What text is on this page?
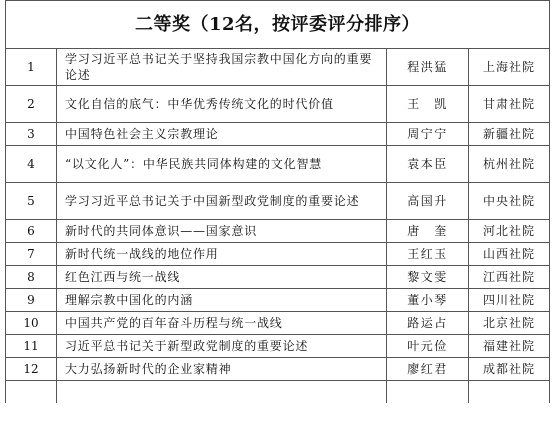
二等奖（12名，按评委评分排序）			
1	学习习近平总书记关于坚持我国宗教中国化方向的重要论述	程洪猛	上海社院
2	文化自信的底气：中华优秀传统文化的时代价值	王　凯	甘肃社院
3	中国特色社会主义宗教理论	周宁宁	新疆社院
4	“以文化人”：中华民族共同体构建的文化智慧	袁本臣	杭州社院
5	学习习近平总书记关于中国新型政党制度的重要论述	高国升	中央社院
6	新时代的共同体意识——国家意识	唐　奎	河北社院
7	新时代统一战线的地位作用	王红玉	山西社院
8	红色江西与统一战线	黎文雯	江西社院
9	理解宗教中国化的内涵	董小琴	四川社院
10	中国共产党的百年奋斗历程与统一战线	路运占	北京社院
11	习近平总书记关于新型政党制度的重要论述	叶元俭	福建社院
12	大力弘扬新时代的企业家精神	廖红君	成都社院
